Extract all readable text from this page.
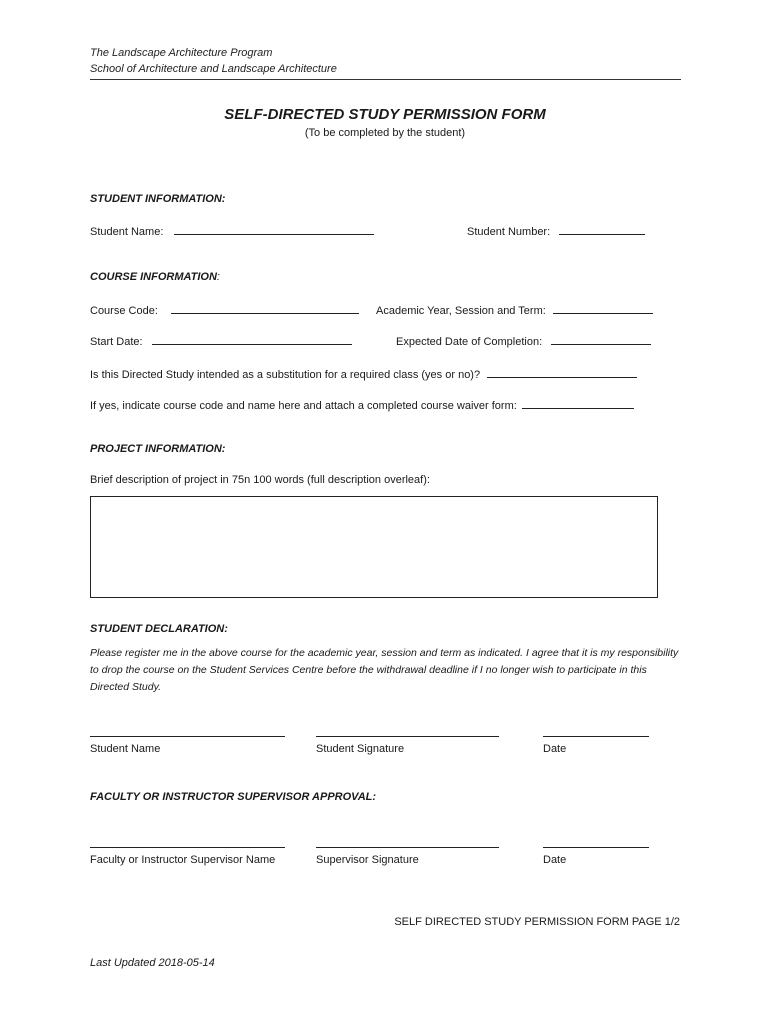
The Landscape Architecture Program
School of Architecture and Landscape Architecture
SELF-DIRECTED STUDY PERMISSION FORM
(To be completed by the student)
STUDENT INFORMATION:
Student Name:	Student Number:
COURSE INFORMATION:
Course Code:	Academic Year, Session and Term:
Start Date:	Expected Date of Completion:
Is this Directed Study intended as a substitution for a required class (yes or no)?
If yes, indicate course code and name here and attach a completed course waiver form:
PROJECT INFORMATION:
Brief description of project in 75n 100 words (full description overleaf):
STUDENT DECLARATION:
Please register me in the above course for the academic year, session and term as indicated. I agree that it is my responsibility to drop the course on the Student Services Centre before the withdrawal deadline if I no longer wish to participate in this Directed Study.
Student Name	Student Signature	Date
FACULTY OR INSTRUCTOR SUPERVISOR APPROVAL:
Faculty or Instructor Supervisor Name	Supervisor Signature	Date
SELF DIRECTED STUDY PERMISSION FORM PAGE 1/2
Last Updated 2018-05-14
